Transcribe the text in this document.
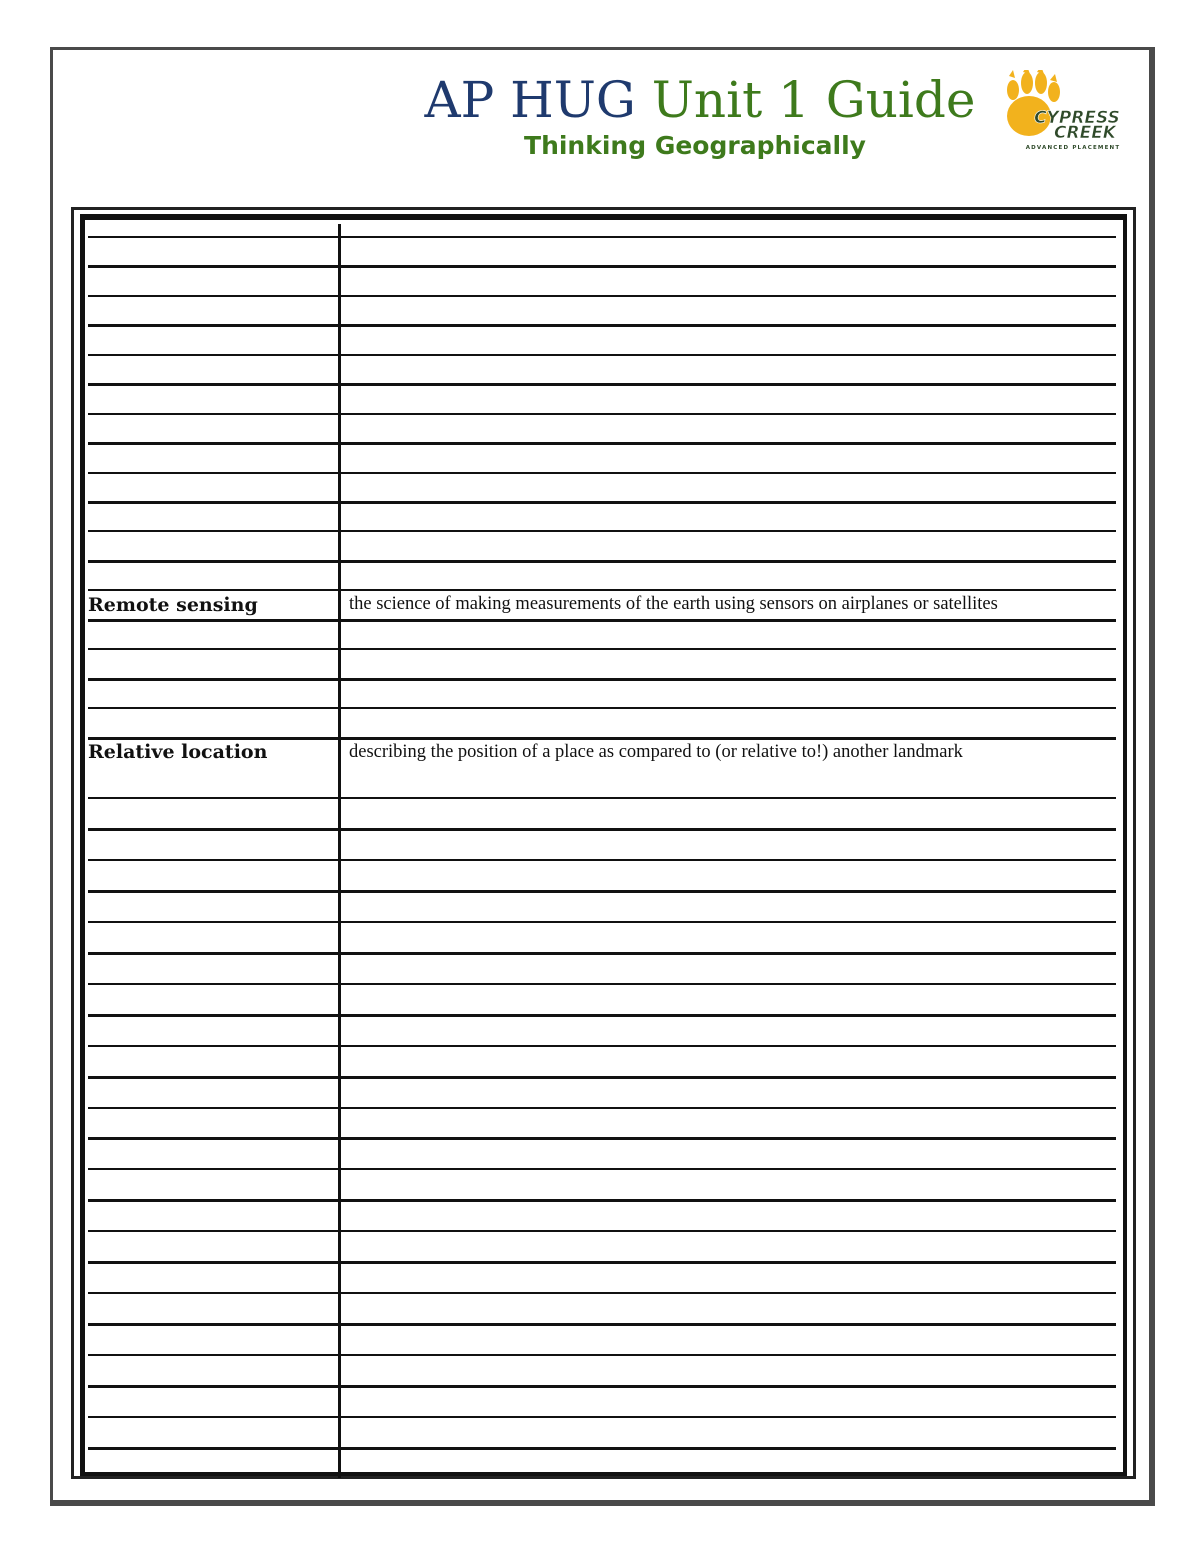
AP HUG Unit 1 Guide
Thinking Geographically
CYPRESS
CREEK
ADVANCED PLACEMENT
Remote sensing	the science of making measurements of the earth using sensors on airplanes or satellites
Relative location	describing the position of a place as compared to (or relative to!) another landmark
